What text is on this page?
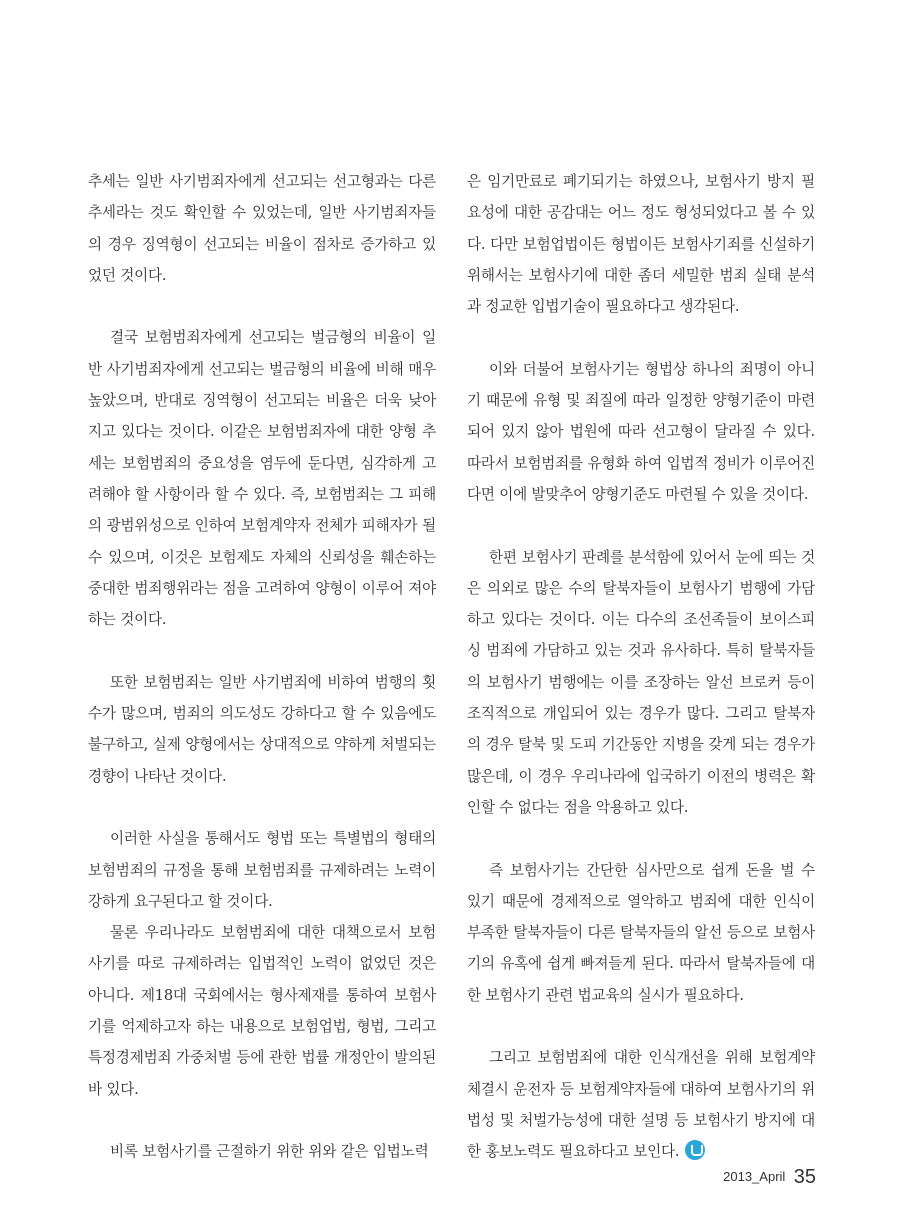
추세는 일반 사기범죄자에게 선고되는 선고형과는 다른 추세라는 것도 확인할 수 있었는데, 일반 사기범죄자들의 경우 징역형이 선고되는 비율이 점차로 증가하고 있었던 것이다.

결국 보험범죄자에게 선고되는 벌금형의 비율이 일반 사기범죄자에게 선고되는 벌금형의 비율에 비해 매우 높았으며, 반대로 징역형이 선고되는 비율은 더욱 낮아지고 있다는 것이다. 이같은 보험범죄자에 대한 양형 추세는 보험범죄의 중요성을 염두에 둔다면, 심각하게 고려해야 할 사항이라 할 수 있다. 즉, 보험범죄는 그 피해의 광범위성으로 인하여 보험계약자 전체가 피해자가 될 수 있으며, 이것은 보험제도 자체의 신뢰성을 훼손하는 중대한 범죄행위라는 점을 고려하여 양형이 이루어 져야 하는 것이다.

또한 보험범죄는 일반 사기범죄에 비하여 범행의 횟수가 많으며, 범죄의 의도성도 강하다고 할 수 있음에도 불구하고, 실제 양형에서는 상대적으로 약하게 처벌되는 경향이 나타난 것이다.

이러한 사실을 통해서도 형법 또는 특별법의 형태의 보험범죄의 규정을 통해 보험범죄를 규제하려는 노력이 강하게 요구된다고 할 것이다.

물론 우리나라도 보험범죄에 대한 대책으로서 보험사기를 따로 규제하려는 입법적인 노력이 없었던 것은 아니다. 제18대 국회에서는 형사제재를 통하여 보험사기를 억제하고자 하는 내용으로 보험업법, 형법, 그리고 특정경제범죄 가중처벌 등에 관한 법률 개정안이 발의된 바 있다.

비록 보험사기를 근절하기 위한 위와 같은 입법노력

은 임기만료로 폐기되기는 하였으나, 보험사기 방지 필요성에 대한 공감대는 어느 정도 형성되었다고 볼 수 있다. 다만 보험업법이든 형법이든 보험사기죄를 신설하기 위해서는 보험사기에 대한 좀더 세밀한 범죄 실태 분석과 정교한 입법기술이 필요하다고 생각된다.

이와 더불어 보험사기는 형법상 하나의 죄명이 아니기 때문에 유형 및 죄질에 따라 일정한 양형기준이 마련되어 있지 않아 법원에 따라 선고형이 달라질 수 있다. 따라서 보험범죄를 유형화 하여 입법적 정비가 이루어진다면 이에 발맞추어 양형기준도 마련될 수 있을 것이다.

한편 보험사기 판례를 분석함에 있어서 눈에 띄는 것은 의외로 많은 수의 탈북자들이 보험사기 범행에 가담하고 있다는 것이다. 이는 다수의 조선족들이 보이스피싱 범죄에 가담하고 있는 것과 유사하다. 특히 탈북자들의 보험사기 범행에는 이를 조장하는 알선 브로커 등이 조직적으로 개입되어 있는 경우가 많다. 그리고 탈북자의 경우 탈북 및 도피 기간동안 지병을 갖게 되는 경우가 많은데, 이 경우 우리나라에 입국하기 이전의 병력은 확인할 수 없다는 점을 악용하고 있다.

즉 보험사기는 간단한 심사만으로 쉽게 돈을 벌 수 있기 때문에 경제적으로 열악하고 범죄에 대한 인식이 부족한 탈북자들이 다른 탈북자들의 알선 등으로 보험사기의 유혹에 쉽게 빠져들게 된다. 따라서 탈북자들에 대한 보험사기 관련 법교육의 실시가 필요하다.

그리고 보험범죄에 대한 인식개선을 위해 보험계약체결시 운전자 등 보험계약자들에 대하여 보험사기의 위법성 및 처벌가능성에 대한 설명 등 보험사기 방지에 대한 홍보노력도 필요하다고 보인다.

2013_April 35
